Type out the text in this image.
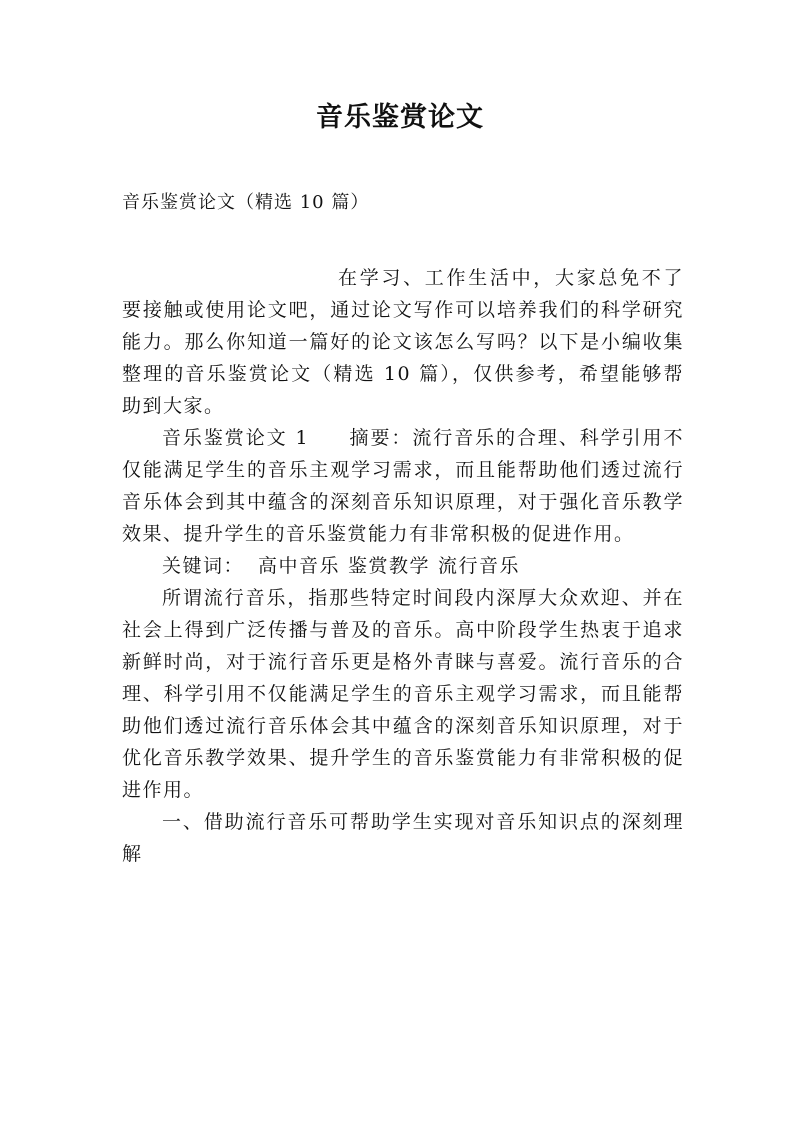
音乐鉴赏论文
音乐鉴赏论文（精选 10 篇）

在学习、工作生活中，大家总免不了要接触或使用论文吧，通过论文写作可以培养我们的科学研究能力。那么你知道一篇好的论文该怎么写吗？以下是小编收集整理的音乐鉴赏论文（精选 10 篇），仅供参考，希望能够帮助到大家。

音乐鉴赏论文 1 摘要：流行音乐的合理、科学引用不仅能满足学生的音乐主观学习需求，而且能帮助他们透过流行音乐体会到其中蕴含的深刻音乐知识原理，对于强化音乐教学效果、提升学生的音乐鉴赏能力有非常积极的促进作用。

关键词： 高中音乐 鉴赏教学 流行音乐

所谓流行音乐，指那些特定时间段内深厚大众欢迎、并在社会上得到广泛传播与普及的音乐。高中阶段学生热衷于追求新鲜时尚，对于流行音乐更是格外青睐与喜爱。流行音乐的合理、科学引用不仅能满足学生的音乐主观学习需求，而且能帮助他们透过流行音乐体会其中蕴含的深刻音乐知识原理，对于优化音乐教学效果、提升学生的音乐鉴赏能力有非常积极的促进作用。

一、借助流行音乐可帮助学生实现对音乐知识点的深刻理解
